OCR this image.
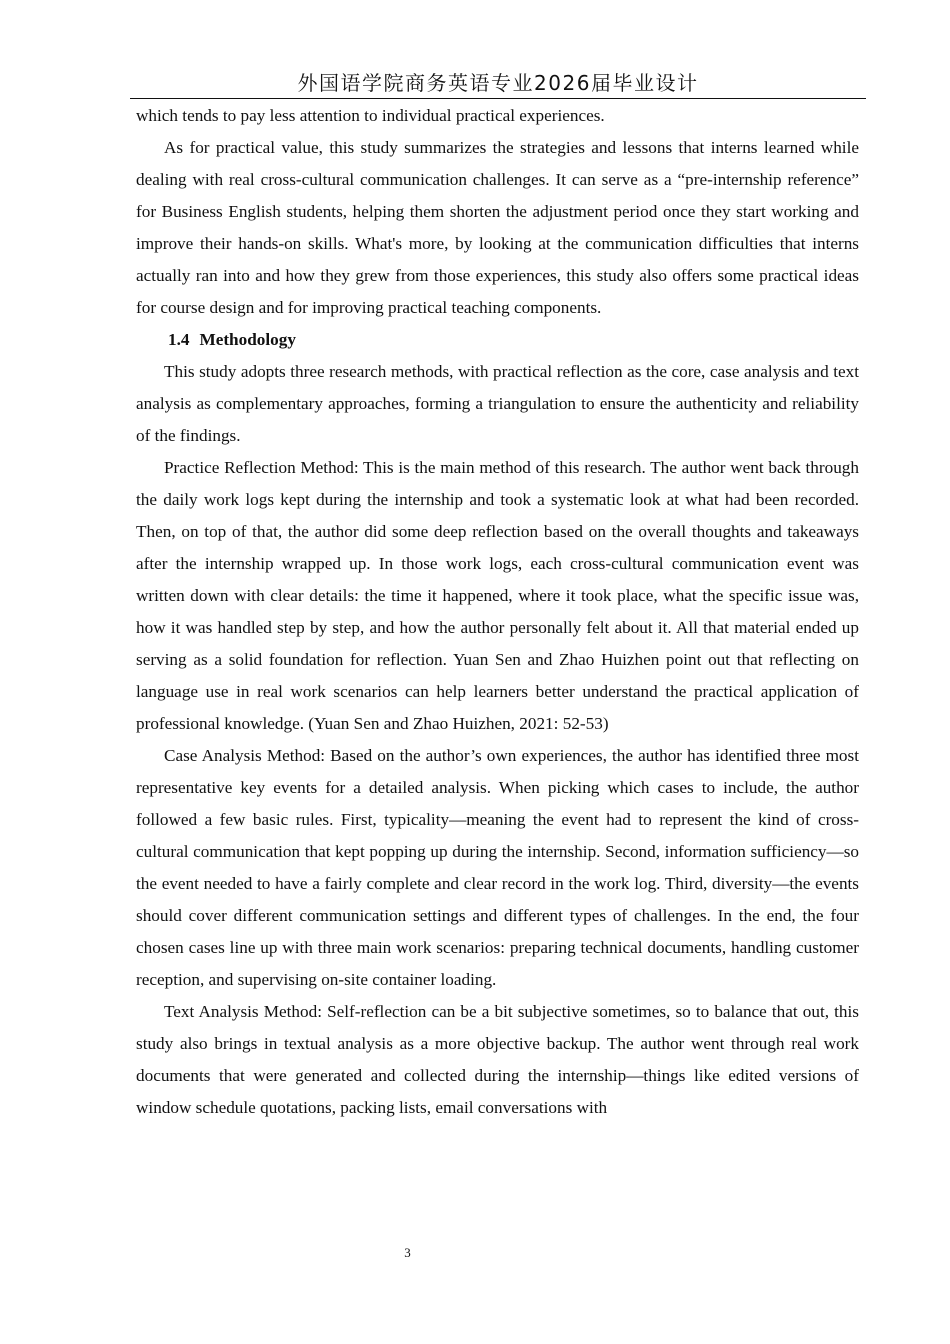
外国语学院商务英语专业2026届毕业设计

which tends to pay less attention to individual practical experiences.

As for practical value, this study summarizes the strategies and lessons that interns learned while dealing with real cross-cultural communication challenges. It can serve as a “pre-internship reference” for Business English students, helping them shorten the adjustment period once they start working and improve their hands-on skills. What's more, by looking at the communication difficulties that interns actually ran into and how they grew from those experiences, this study also offers some practical ideas for course design and for improving practical teaching components.

1.4 Methodology

This study adopts three research methods, with practical reflection as the core, case analysis and text analysis as complementary approaches, forming a triangulation to ensure the authenticity and reliability of the findings.

Practice Reflection Method: This is the main method of this research. The author went back through the daily work logs kept during the internship and took a systematic look at what had been recorded. Then, on top of that, the author did some deep reflection based on the overall thoughts and takeaways after the internship wrapped up. In those work logs, each cross-cultural communication event was written down with clear details: the time it happened, where it took place, what the specific issue was, how it was handled step by step, and how the author personally felt about it. All that material ended up serving as a solid foundation for reflection. Yuan Sen and Zhao Huizhen point out that reflecting on language use in real work scenarios can help learners better understand the practical application of professional knowledge. (Yuan Sen and Zhao Huizhen, 2021: 52-53)

Case Analysis Method: Based on the author’s own experiences, the author has identified three most representative key events for a detailed analysis. When picking which cases to include, the author followed a few basic rules. First, typicality—meaning the event had to represent the kind of cross-cultural communication that kept popping up during the internship. Second, information sufficiency—so the event needed to have a fairly complete and clear record in the work log. Third, diversity—the events should cover different communication settings and different types of challenges. In the end, the four chosen cases line up with three main work scenarios: preparing technical documents, handling customer reception, and supervising on-site container loading.

Text Analysis Method: Self-reflection can be a bit subjective sometimes, so to balance that out, this study also brings in textual analysis as a more objective backup. The author went through real work documents that were generated and collected during the internship—things like edited versions of window schedule quotations, packing lists, email conversations with

3
